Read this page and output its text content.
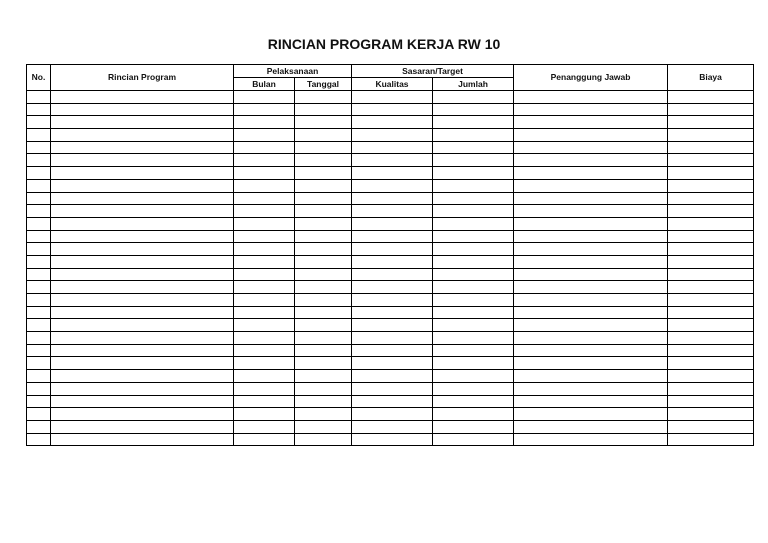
RINCIAN PROGRAM KERJA RW 10
No.	Rincian Program	Pelaksanaan		Sasaran/Target		Penanggung Jawab	Biaya
		Bulan	Tanggal	Kualitas	Jumlah		
